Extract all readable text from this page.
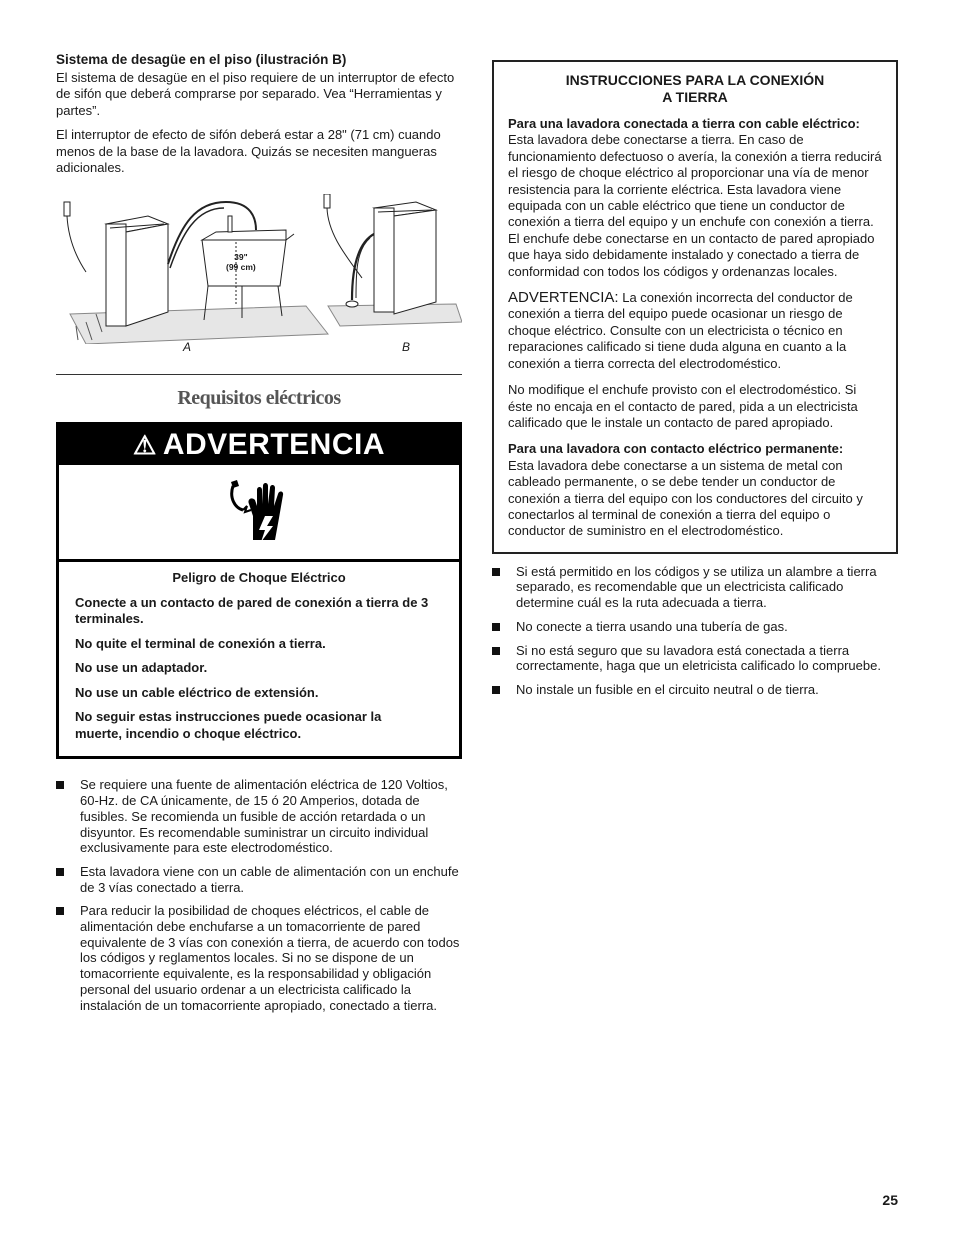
Sistema de desagüe en el piso (ilustración B)

El sistema de desagüe en el piso requiere de un interruptor de efecto de sifón que deberá comprarse por separado. Vea “Herramientas y partes”.

El interruptor de efecto de sifón deberá estar a 28" (71 cm) cuando menos de la base de la lavadora. Quizás se necesiten mangueras adicionales.

39"
(99 cm)
A	B
Requisitos eléctricos
⚠ ADVERTENCIA

Peligro de Choque Eléctrico

Conecte a un contacto de pared de conexión a tierra de 3 terminales.

No quite el terminal de conexión a tierra.

No use un adaptador.

No use un cable eléctrico de extensión.

No seguir estas instrucciones puede ocasionar la muerte, incendio o choque eléctrico.

Se requiere una fuente de alimentación eléctrica de 120 Voltios, 60-Hz. de CA únicamente, de 15 ó 20 Amperios, dotada de fusibles. Se recomienda un fusible de acción retardada o un disyuntor. Es recomendable suministrar un circuito individual exclusivamente para este electrodoméstico.
Esta lavadora viene con un cable de alimentación con un enchufe de 3 vías conectado a tierra.
Para reducir la posibilidad de choques eléctricos, el cable de alimentación debe enchufarse a un tomacorriente de pared equivalente de 3 vías con conexión a tierra, de acuerdo con todos los códigos y reglamentos locales. Si no se dispone de un tomacorriente equivalente, es la responsabilidad y obligación personal del usuario ordenar a un electricista calificado la instalación de un tomacorriente apropiado, conectado a tierra.
INSTRUCCIONES PARA LA CONEXIÓN
A TIERRA

Para una lavadora conectada a tierra con cable eléctrico:

Esta lavadora debe conectarse a tierra. En caso de funcionamiento defectuoso o avería, la conexión a tierra reducirá el riesgo de choque eléctrico al proporcionar una vía de menor resistencia para la corriente eléctrica. Esta lavadora viene equipada con un cable eléctrico que tiene un conductor de conexión a tierra del equipo y un enchufe con conexión a tierra. El enchufe debe conectarse en un contacto de pared apropiado que haya sido debidamente instalado y conectado a tierra de conformidad con todos los códigos y ordenanzas locales.

ADVERTENCIA: La conexión incorrecta del conductor de conexión a tierra del equipo puede ocasionar un riesgo de choque eléctrico. Consulte con un electricista o técnico en reparaciones calificado si tiene duda alguna en cuanto a la conexión a tierra correcta del electrodoméstico.

No modifique el enchufe provisto con el electrodoméstico. Si éste no encaja en el contacto de pared, pida a un electricista calificado que le instale un contacto de pared apropiado.

Para una lavadora con contacto eléctrico permanente:

Esta lavadora debe conectarse a un sistema de metal con cableado permanente, o se debe tender un conductor de conexión a tierra del equipo con los conductores del circuito y conectarlos al terminal de conexión a tierra del equipo o conductor de suministro en el electrodoméstico.

Si está permitido en los códigos y se utiliza un alambre a tierra separado, es recomendable que un electricista calificado determine cuál es la ruta adecuada a tierra.
No conecte a tierra usando una tubería de gas.
Si no está seguro que su lavadora está conectada a tierra correctamente, haga que un eletricista calificado lo compruebe.
No instale un fusible en el circuito neutral o de tierra.
25
